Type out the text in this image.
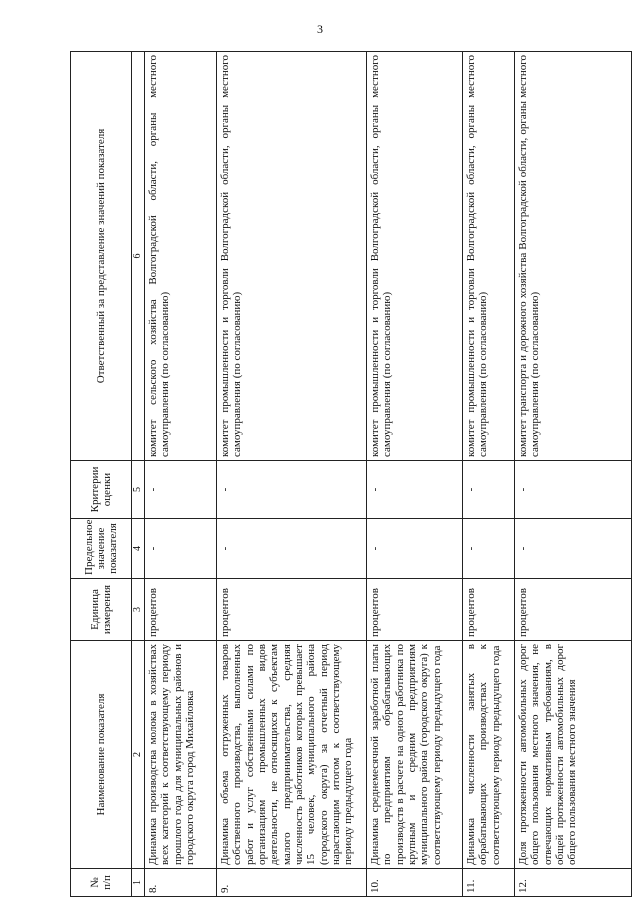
3
№ п/п	Наименование показателя	Единица измерения	Предельное значение показателя	Критерии оценки	Ответственный за представление значений показателя
1	2	3	4	5	6
8.	Динамика производства молока в хозяйствах всех категорий к соответствующему периоду прошлого года для муниципальных районов и городского округа город Михайловка	процентов	-	-	комитет сельского хозяйства Волгоградской области, органы местного самоуправления (по согласованию)
9.	Динамика объема отгруженных товаров собственного производства, выполненных работ и услуг собственными силами по организациям промышленных видов деятельности, не относящихся к субъектам малого предпринимательства, средняя численность работников которых превышает 15 человек, муниципального района (городского округа) за отчетный период нарастающим итогом к соответствующему периоду предыдущего года	процентов	-	-	комитет промышленности и торговли Волгоградской области, органы местного самоуправления (по согласованию)
10.	Динамика среднемесячной заработной платы по предприятиям обрабатывающих производств в расчете на одного работника по крупным и средним предприятиям муниципального района (городского округа) к соответствующему периоду предыдущего года	процентов	-	-	комитет промышленности и торговли Волгоградской области, органы местного самоуправления (по согласованию)
11.	Динамика численности занятых в обрабатывающих производствах к соответствующему периоду предыдущего года	процентов	-	-	комитет промышленности и торговли Волгоградской области, органы местного самоуправления (по согласованию)
12.	Доля протяженности автомобильных дорог общего пользования местного значения, не отвечающих нормативным требованиям, в общей протяженности автомобильных дорог общего пользования местного значения	процентов	-	-	комитет транспорта и дорожного хозяйства Волгоградской области, органы местного самоуправления (по согласованию)
